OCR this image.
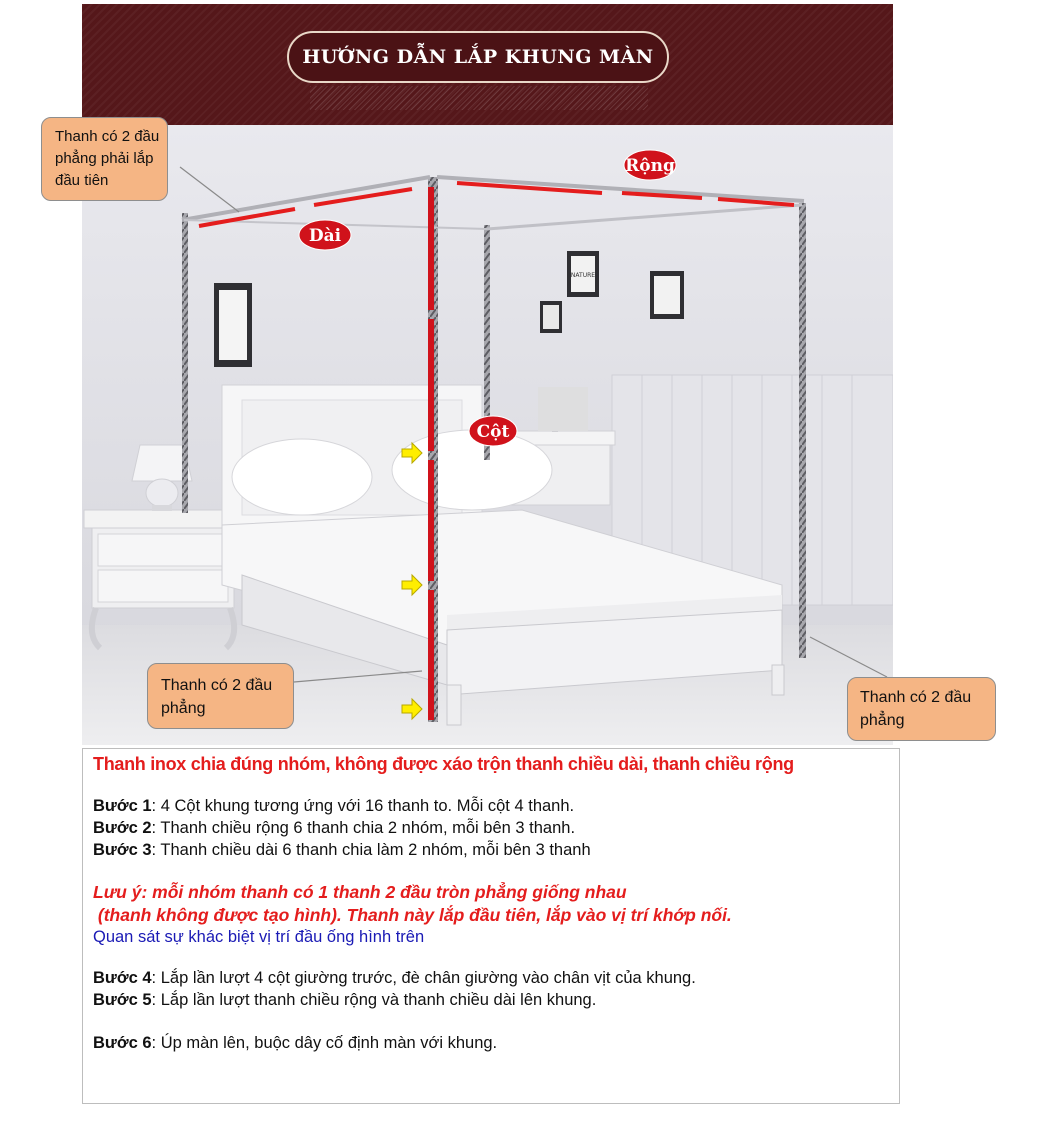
HƯỚNG DẪN LẮP KHUNG MÀN
NATURE
Dài
Rộng
Cột
Thanh có 2 đầu
phẳng phải lắp
đầu tiên
Thanh có 2 đầu
phẳng
Thanh có 2 đầu
phẳng
Thanh inox chia đúng nhóm, không được xáo trộn thanh chiều dài, thanh chiều rộng
Bước 1: 4 Cột khung tương ứng với 16 thanh to. Mỗi cột 4 thanh.
Bước 2: Thanh chiều rộng 6 thanh chia 2 nhóm, mỗi bên 3 thanh.
Bước 3: Thanh chiều dài 6 thanh chia làm 2 nhóm, mỗi bên 3 thanh
Lưu ý: mỗi nhóm thanh có 1 thanh 2 đầu tròn phẳng giống nhau
(thanh không được tạo hình). Thanh này lắp đầu tiên, lắp vào vị trí khớp nối.
Quan sát sự khác biệt vị trí đầu ống hình trên
Bước 4: Lắp lần lượt 4 cột giường trước, đè chân giường vào chân vịt của khung.
Bước 5: Lắp lần lượt thanh chiều rộng và thanh chiều dài lên khung.
Bước 6: Úp màn lên, buộc dây cố định màn với khung.
